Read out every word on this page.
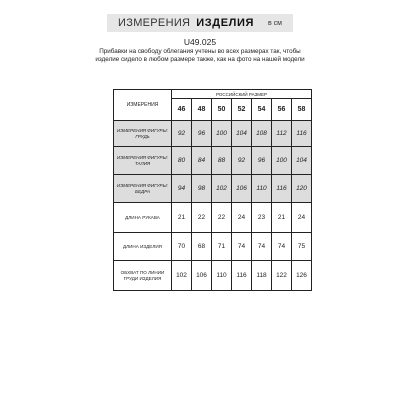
ИЗМЕРЕНИЯ ИЗДЕЛИЯ в см
U49.025
Прибавки на свободу облегания учтены во всех размерах так, чтобы изделие сидело в любом размере также, как на фото на нашей модели
ИЗМЕРЕНИЯ	РОССИЙСКИЙ РАЗМЕР						
	46	48	50	52	54	56	58
ИЗМЕРЕНИЯ ФИГУРЫ: ГРУДЬ	92	96	100	104	108	112	116
ИЗМЕРЕНИЯ ФИГУРЫ: ТАЛИЯ	80	84	88	92	96	100	104
ИЗМЕРЕНИЯ ФИГУРЫ: БЕДРА	94	98	102	106	110	116	120
ДЛИНА РУКАВА	21	22	22	24	23	21	24
ДЛИНА ИЗДЕЛИЯ	70	68	71	74	74	74	75
ОБХВАТ ПО ЛИНИИ ГРУДИ ИЗДЕЛИЯ	102	106	110	116	118	122	126
